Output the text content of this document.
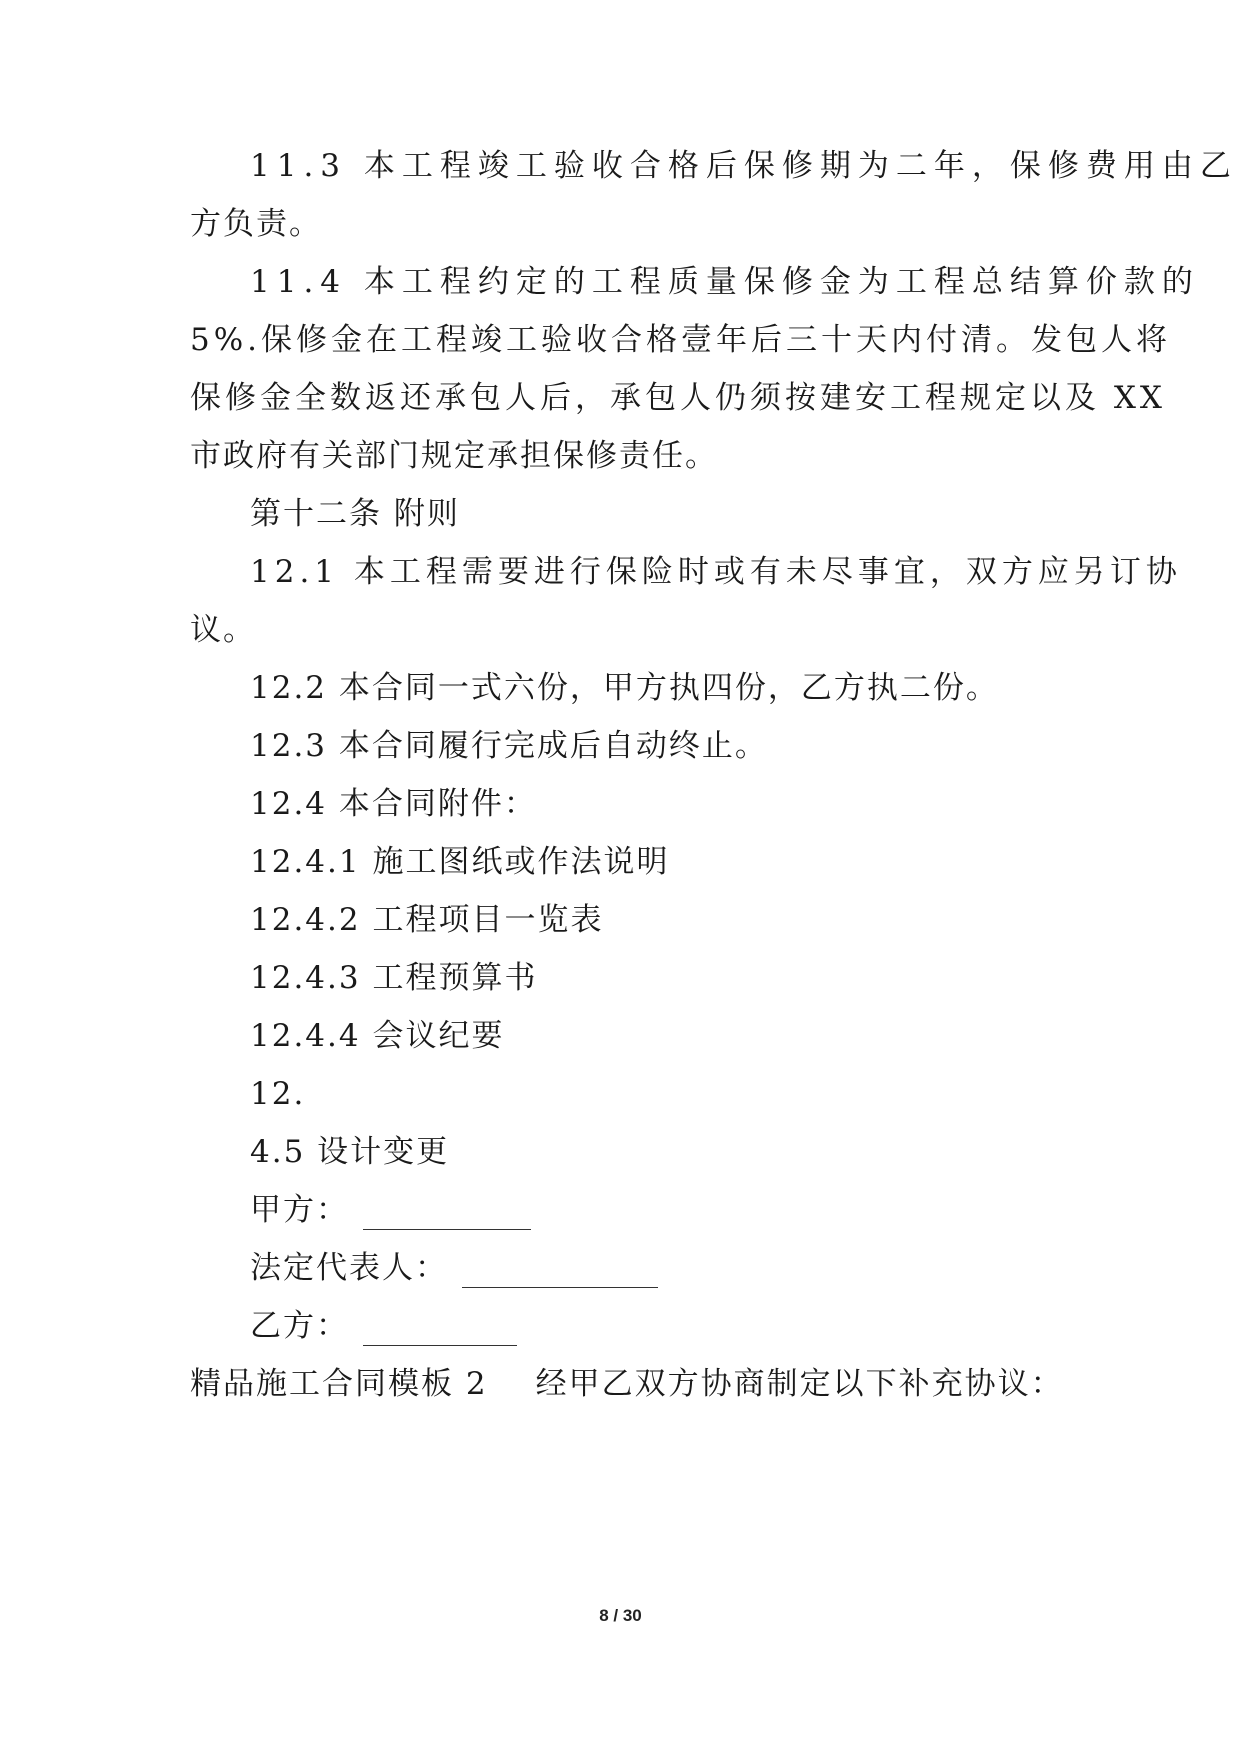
11.3 本工程竣工验收合格后保修期为二年，保修费用由乙
方负责。
11.4 本工程约定的工程质量保修金为工程总结算价款的
5%.保修金在工程竣工验收合格壹年后三十天内付清。发包人将
保修金全数返还承包人后，承包人仍须按建安工程规定以及 XX
市政府有关部门规定承担保修责任。
第十二条 附则
12.1 本工程需要进行保险时或有未尽事宜，双方应另订协
议。
12.2 本合同一式六份，甲方执四份，乙方执二份。
12.3 本合同履行完成后自动终止。
12.4 本合同附件：
12.4.1 施工图纸或作法说明
12.4.2 工程项目一览表
12.4.3 工程预算书
12.4.4 会议纪要
12.
4.5 设计变更
甲方：
法定代表人：
乙方：
精品施工合同模板 2 经甲乙双方协商制定以下补充协议：
8 / 30
